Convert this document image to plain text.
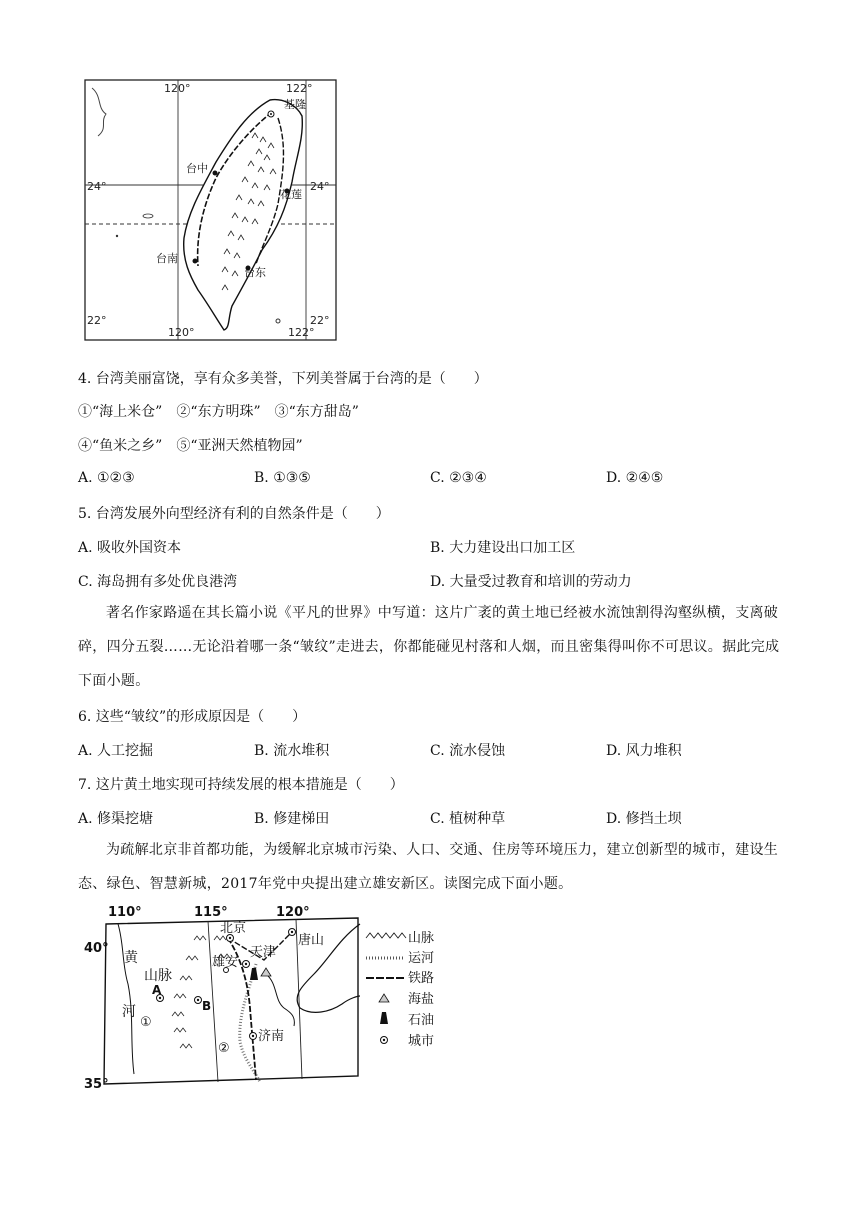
120°	122°
24°	24°
22°	22°
120°	122°
基隆
台中
花莲
台南
台东
4. 台湾美丽富饶，享有众多美誉，下列美誉属于台湾的是（　　）
①“海上米仓”　②“东方明珠”　③“东方甜岛”
④“鱼米之乡”　⑤“亚洲天然植物园”
A. ①②③	B. ①③⑤	C. ②③④	D. ②④⑤
5. 台湾发展外向型经济有利的自然条件是（　　）
A. 吸收外国资本	B. 大力建设出口加工区
C. 海岛拥有多处优良港湾	D. 大量受过教育和培训的劳动力
著名作家路遥在其长篇小说《平凡的世界》中写道：这片广袤的黄土地已经被水流蚀割得沟壑纵横，支离破碎，四分五裂……无论沿着哪一条“皱纹”走进去，你都能碰见村落和人烟，而且密集得叫你不可思议。据此完成下面小题。
6. 这些“皱纹”的形成原因是（　　）
A. 人工挖掘	B. 流水堆积	C. 流水侵蚀	D. 风力堆积
7. 这片黄土地实现可持续发展的根本措施是（　　）
A. 修渠挖塘	B. 修建梯田	C. 植树种草	D. 修挡土坝
为疏解北京非首都功能，为缓解北京城市污染、人口、交通、住房等环境压力，建立创新型的城市，建设生态、绿色、智慧新城，2017年党中央提出建立雄安新区。读图完成下面小题。
110°	115°	120°
40°
35°
北京
天津
唐山
雄安
济南
黄
河
山脉
A
B
①
②
山脉
运河
铁路
海盐
石油
城市
